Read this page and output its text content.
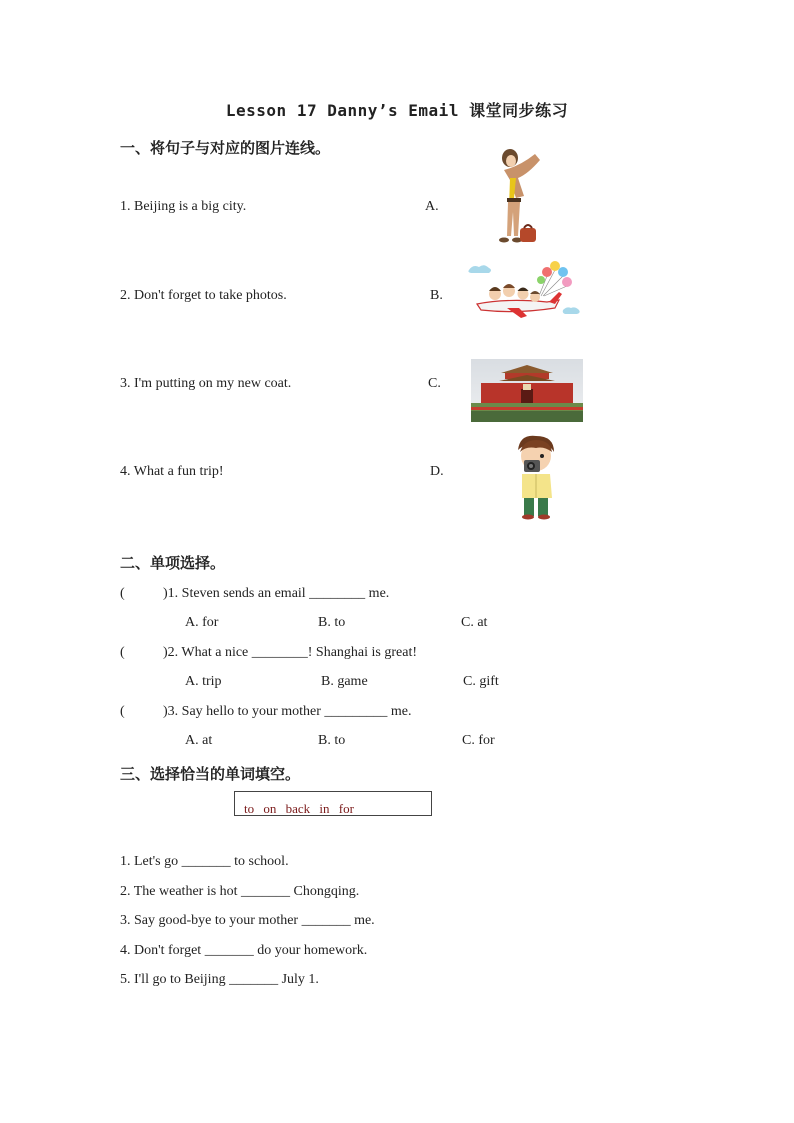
Lesson 17 Danny’s Email 课堂同步练习
一、将句子与对应的图片连线。
1. Beijing is a big city.	A.
2. Don't forget to take photos.	B.
3. I'm putting on my new coat.	C.
4. What a fun trip!	D.
二、单项选择。
(	)1. Steven sends an email ________ me.
A. for	B. to	C. at
(	)2. What a nice ________! Shanghai is great!
A. trip	B. game	C. gift
(	)3. Say hello to your mother _________ me.
A. at	B. to	C. for
三、选择恰当的单词填空。
to on back in for
1. Let's go _______ to school.
2. The weather is hot _______ Chongqing.
3. Say good-bye to your mother _______ me.
4. Don't forget _______ do your homework.
5. I'll go to Beijing _______ July 1.
